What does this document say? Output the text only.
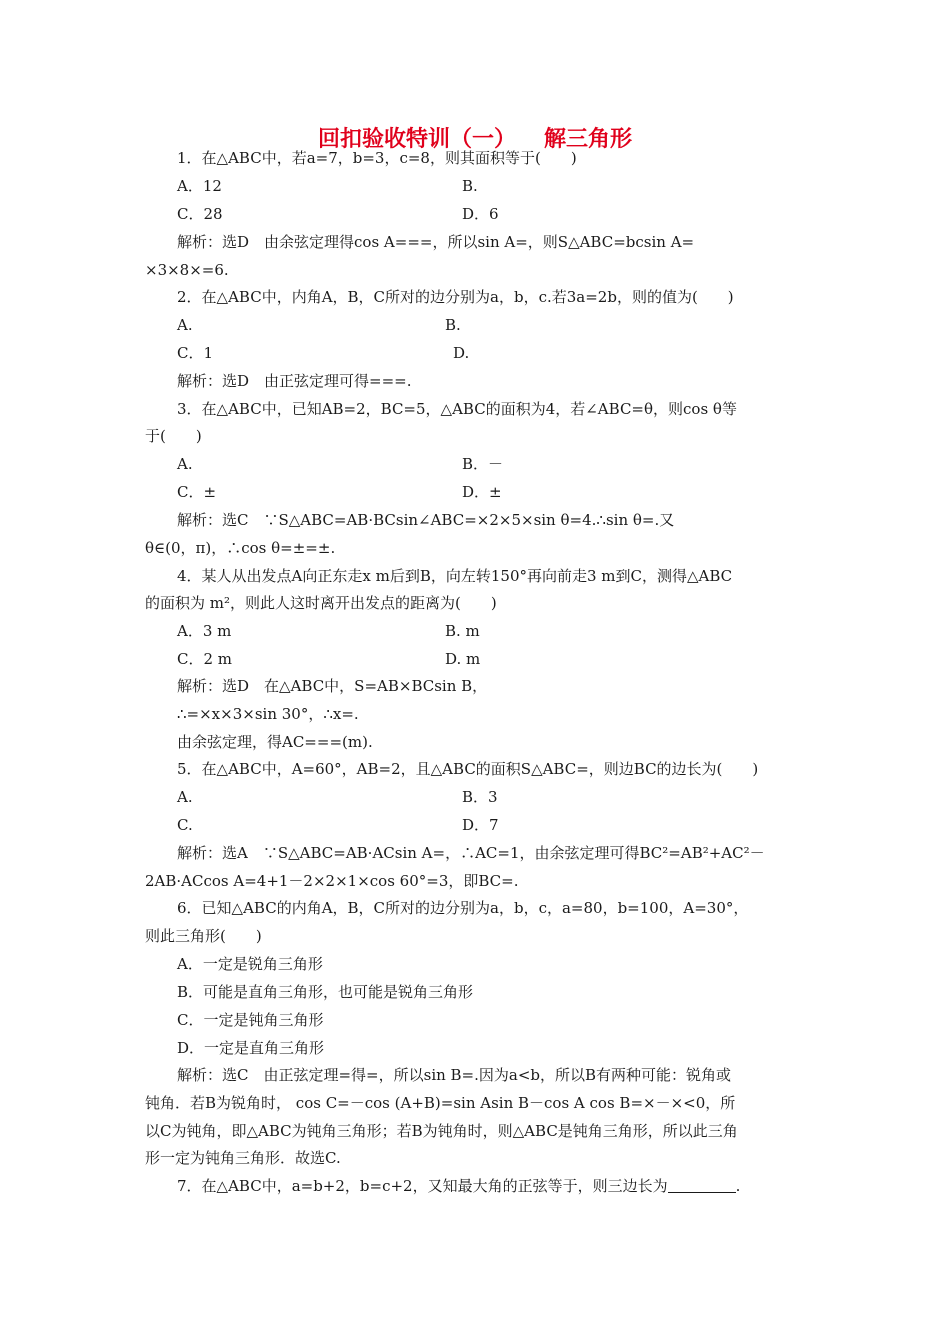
回扣验收特训（一） 解三角形
1．在△ABC中，若a=7，b=3，c=8，则其面积等于(　　)
A．12	B.
C．28	D．6
解析：选D　由余弦定理得cos A===，所以sin A=，则S△ABC=bcsin A=
×3×8×=6.
2．在△ABC中，内角A，B，C所对的边分别为a，b，c.若3a=2b，则的值为(　　)
A.	B.
C．1	D.
解析：选D　由正弦定理可得===.
3．在△ABC中，已知AB=2，BC=5，△ABC的面积为4，若∠ABC=θ，则cos θ等
于(　　)
A.	B．－
C．±	D．±
解析：选C　∵S△ABC=AB·BCsin∠ABC=×2×5×sin θ=4.∴sin θ=.又
θ∈(0，π)，∴cos θ=±=±.
4．某人从出发点A向正东走x m后到B，向左转150°再向前走3 m到C，测得△ABC
的面积为 m²，则此人这时离开出发点的距离为(　　)
A．3 m	B. m
C．2 m	D. m
解析：选D　在△ABC中，S=AB×BCsin B，
∴=×x×3×sin 30°，∴x=.
由余弦定理，得AC===(m).
5．在△ABC中，A=60°，AB=2，且△ABC的面积S△ABC=，则边BC的边长为(　　)
A.	B．3
C.	D．7
解析：选A　∵S△ABC=AB·ACsin A=，∴AC=1，由余弦定理可得BC²=AB²+AC²－
2AB·ACcos A=4+1－2×2×1×cos 60°=3，即BC=.
6．已知△ABC的内角A，B，C所对的边分别为a，b，c，a=80，b=100，A=30°，
则此三角形(　　)
A．一定是锐角三角形
B．可能是直角三角形，也可能是锐角三角形
C．一定是钝角三角形
D．一定是直角三角形
解析：选C　由正弦定理=得=，所以sin B=.因为a<b，所以B有两种可能：锐角或
钝角．若B为锐角时， cos C=－cos (A+B)=sin Asin B－cos A cos B=×－×<0，所
以C为钝角，即△ABC为钝角三角形；若B为钝角时，则△ABC是钝角三角形，所以此三角
形一定为钝角三角形．故选C.
7．在△ABC中，a=b+2，b=c+2，又知最大角的正弦等于，则三边长为	.
